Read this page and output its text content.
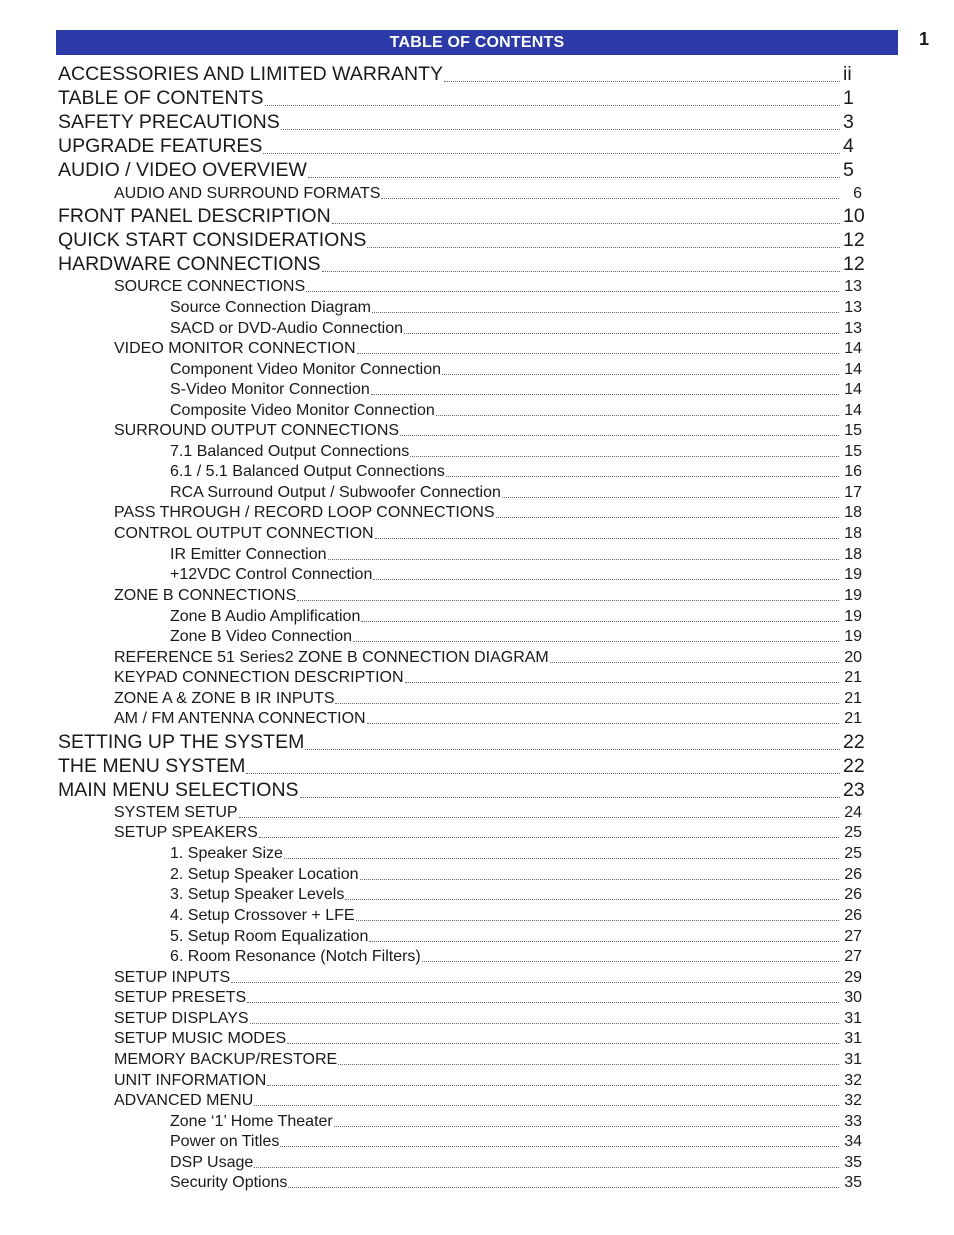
TABLE OF CONTENTS	1
ACCESSORIES AND LIMITED WARRANTY	ii
TABLE OF CONTENTS	1
SAFETY PRECAUTIONS	3
UPGRADE FEATURES	4
AUDIO / VIDEO OVERVIEW	5
AUDIO AND SURROUND FORMATS	6
FRONT PANEL DESCRIPTION	10
QUICK START CONSIDERATIONS	12
HARDWARE CONNECTIONS	12
SOURCE CONNECTIONS	13
Source Connection Diagram	13
SACD or DVD-Audio Connection	13
VIDEO MONITOR CONNECTION	14
Component Video Monitor Connection	14
S-Video Monitor Connection	14
Composite Video Monitor Connection	14
SURROUND OUTPUT CONNECTIONS	15
7.1 Balanced Output Connections	15
6.1 / 5.1 Balanced Output Connections	16
RCA Surround Output / Subwoofer Connection	17
PASS THROUGH / RECORD LOOP CONNECTIONS	18
CONTROL OUTPUT CONNECTION	18
IR Emitter Connection	18
+12VDC Control Connection	19
ZONE B CONNECTIONS	19
Zone B Audio Amplification	19
Zone B Video Connection	19
REFERENCE 51 Series2 ZONE B CONNECTION DIAGRAM	20
KEYPAD CONNECTION DESCRIPTION	21
ZONE A & ZONE B IR INPUTS	21
AM / FM ANTENNA CONNECTION	21
SETTING UP THE SYSTEM	22
THE MENU SYSTEM	22
MAIN MENU SELECTIONS	23
SYSTEM SETUP	24
SETUP SPEAKERS	25
1. Speaker Size	25
2. Setup Speaker Location	26
3. Setup Speaker Levels	26
4. Setup Crossover + LFE	26
5. Setup Room Equalization	27
6. Room Resonance (Notch Filters)	27
SETUP INPUTS	29
SETUP PRESETS	30
SETUP DISPLAYS	31
SETUP MUSIC MODES	31
MEMORY BACKUP/RESTORE	31
UNIT INFORMATION	32
ADVANCED MENU	32
Zone ‘1’ Home Theater	33
Power on Titles	34
DSP Usage	35
Security Options	35
